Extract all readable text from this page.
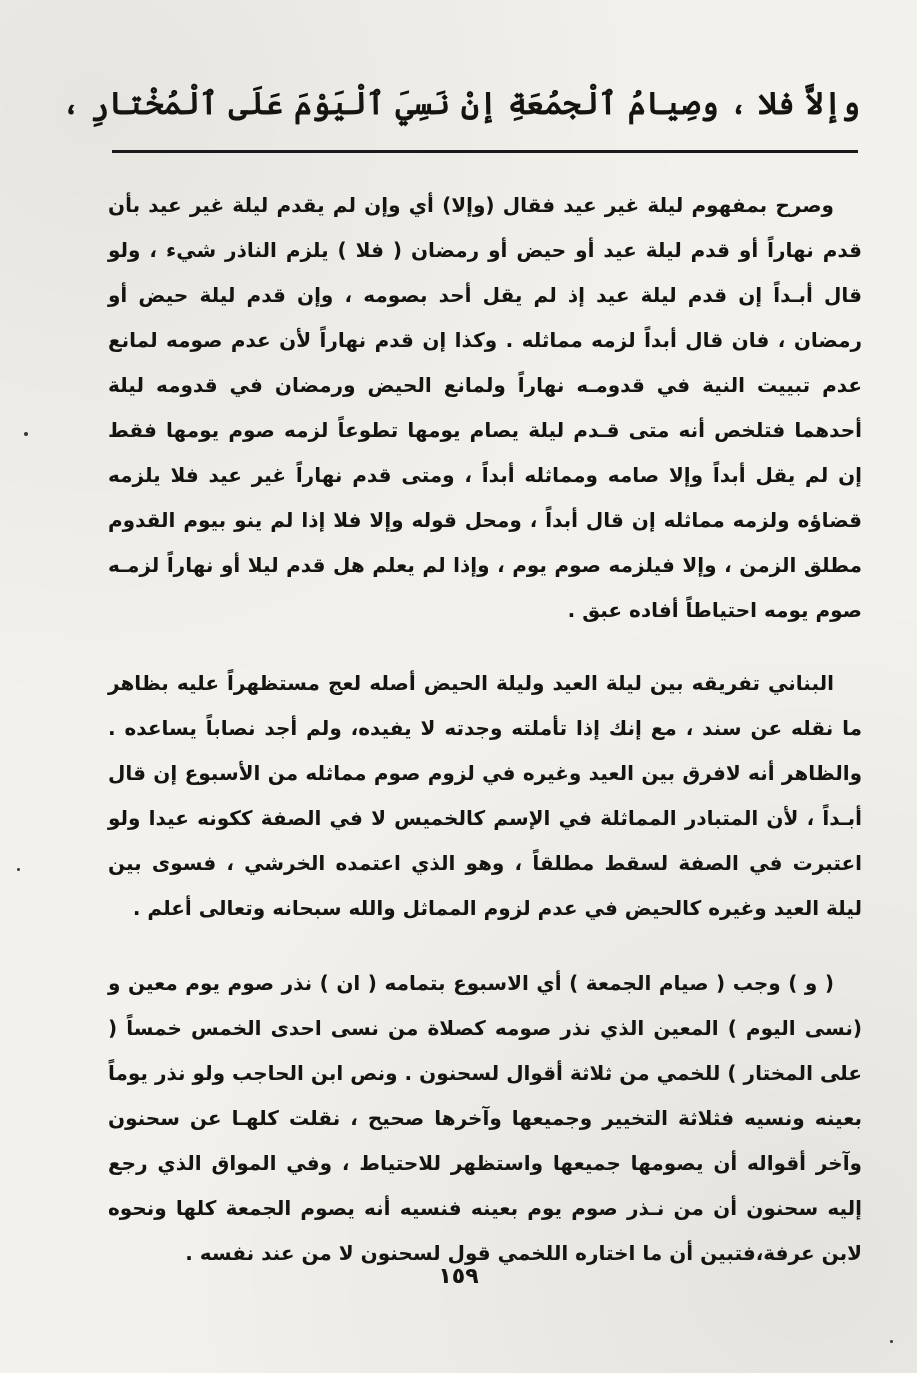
وإلاَّ فلا ، وصِيامُ ٱلْجمُعَةِ إنْ نَسِيَ ٱلْيَوْمَ عَلَى ٱلْمُخْتارِ ،

وصرح بمفهوم ليلة غير عيد فقال (وإلا) أي وإن لم يقدم ليلة غير عيد بأن قدم نهاراً أو قدم ليلة عيد أو حيض أو رمضان ( فلا ) يلزم الناذر شيء ، ولو قال أبـداً إن قدم ليلة عيد إذ لم يقل أحد بصومه ، وإن قدم ليلة حيض أو رمضان ، فان قال أبداً لزمه مماثله . وكذا إن قدم نهاراً لأن عدم صومه لمانع عدم تبييت النية في قدومـه نهاراً ولمانع الحيض ورمضان في قدومه ليلة أحدهما فتلخص أنه متى قـدم ليلة يصام يومها تطوعاً لزمه صوم يومها فقط إن لم يقل أبداً وإلا صامه ومماثله أبداً ، ومتى قدم نهاراً غير عيد فلا يلزمه قضاؤه ولزمه مماثله إن قال أبداً ، ومحل قوله وإلا فلا إذا لم ينو بيوم القدوم مطلق الزمن ، وإلا فيلزمه صوم يوم ، وإذا لم يعلم هل قدم ليلا أو نهاراً لزمـه صوم يومه احتياطاً أفاده عبق .

البناني تفريقه بين ليلة العيد وليلة الحيض أصله لعج مستظهراً عليه بظاهر ما نقله عن سند ، مع إنك إذا تأملته وجدته لا يفيده، ولم أجد نصاباً يساعده . والظاهر أنه لافرق بين العيد وغيره في لزوم صوم مماثله من الأسبوع إن قال أبـداً ، لأن المتبادر المماثلة في الإسم كالخميس لا في الصفة ككونه عيدا ولو اعتبرت في الصفة لسقط مطلقاً ، وهو الذي اعتمده الخرشي ، فسوى بين ليلة العيد وغيره كالحيض في عدم لزوم المماثل والله سبحانه وتعالى أعلم .

( و ) وجب ( صيام الجمعة ) أي الاسبوع بتمامه ( ان ) نذر صوم يوم معين و (نسى اليوم ) المعين الذي نذر صومه كصلاة من نسى احدى الخمس خمساً ( على المختار ) للخمي من ثلاثة أقوال لسحنون . ونص ابن الحاجب ولو نذر يوماً بعينه ونسيه فثلاثة التخيير وجميعها وآخرها صحيح ، نقلت كلهـا عن سحنون وآخر أقواله أن يصومها جميعها واستظهر للاحتياط ، وفي المواق الذي رجع إليه سحنون أن من نـذر صوم يوم بعينه فنسيه أنه يصوم الجمعة كلها ونحوه لابن عرفة،فتبين أن ما اختاره اللخمي قول لسحنون لا من عند نفسه .

١٥٩
